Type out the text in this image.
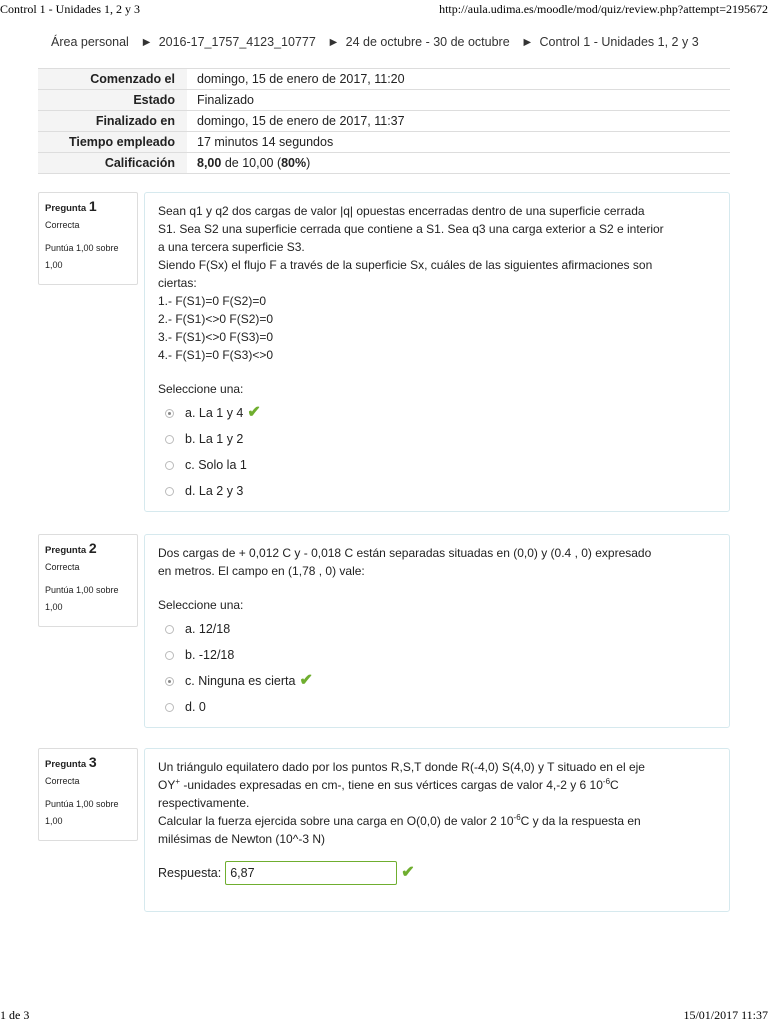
Control 1 - Unidades 1, 2 y 3	http://aula.udima.es/moodle/mod/quiz/review.php?attempt=2195672
Área personal ► 2016-17_1757_4123_10777 ► 24 de octubre - 30 de octubre ► Control 1 - Unidades 1, 2 y 3
Comenzado el	domingo, 15 de enero de 2017, 11:20
Estado	Finalizado
Finalizado en	domingo, 15 de enero de 2017, 11:37
Tiempo empleado	17 minutos 14 segundos
Calificación	8,00 de 10,00 (80%)
Pregunta 1
Correcta
Puntúa 1,00 sobre 1,00

Sean q1 y q2 dos cargas de valor |q| opuestas encerradas dentro de una superficie cerrada

S1. Sea S2 una superficie cerrada que contiene a S1. Sea q3 una carga exterior a S2 e interior

a una tercera superficie S3.

Siendo F(Sx) el flujo F a través de la superficie Sx, cuáles de las siguientes afirmaciones son

ciertas:

1.- F(S1)=0 F(S2)=0

2.- F(S1)<>0 F(S2)=0

3.- F(S1)<>0 F(S3)=0

4.- F(S1)=0 F(S3)<>0

Seleccione una:

a. La 1 y 4 ✔
b. La 1 y 2
c. Solo la 1
d. La 2 y 3
Pregunta 2
Correcta
Puntúa 1,00 sobre 1,00

Dos cargas de + 0,012 C y - 0,018 C están separadas situadas en (0,0) y (0.4 , 0) expresado

en metros. El campo en (1,78 , 0) vale:

Seleccione una:

a. 12/18
b. -12/18
c. Ninguna es cierta ✔
d. 0
Pregunta 3
Correcta
Puntúa 1,00 sobre 1,00

Un triángulo equilatero dado por los puntos R,S,T donde R(-4,0) S(4,0) y T situado en el eje

OY+ -unidades expresadas en cm-, tiene en sus vértices cargas de valor 4,-2 y 6 $10^{-6}C$

respectivamente.

Calcular la fuerza ejercida sobre una carga en O(0,0) de valor 2 $10^{-6}C$ y da la respuesta en

milésimas de Newton (10^-3 N)

Respuesta:
6,87	✔
1 de 3	15/01/2017 11:37
